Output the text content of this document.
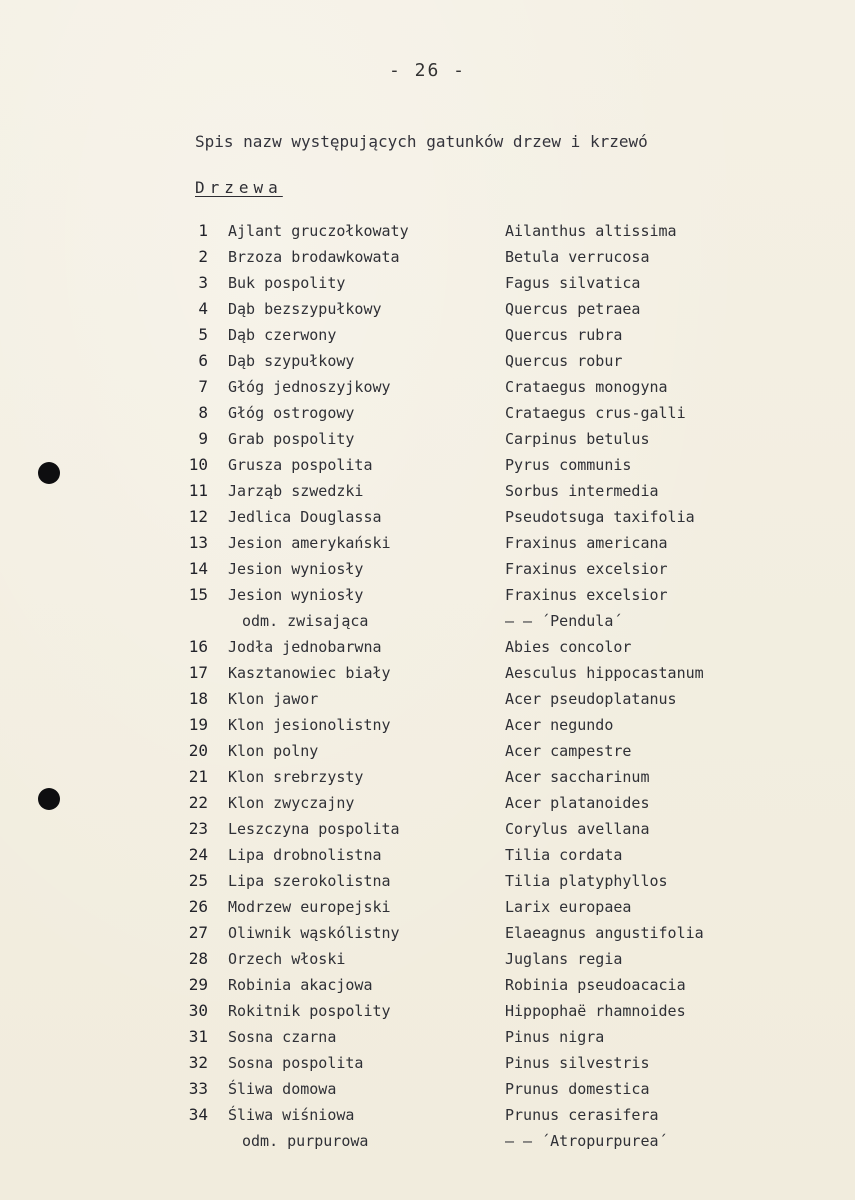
- 26 -
Spis nazw występujących gatunków drzew i krzewó
Drzewa
1 Ajlant gruczołkowaty	Ailanthus altissima
2 Brzoza brodawkowata	Betula verrucosa
3 Buk pospolity	Fagus silvatica
4 Dąb bezszypułkowy	Quercus petraea
5 Dąb czerwony	Quercus rubra
6 Dąb szypułkowy	Quercus robur
7 Głóg jednoszyjkowy	Crataegus monogyna
8 Głóg ostrogowy	Crataegus crus-galli
9 Grab pospolity	Carpinus betulus
10 Grusza pospolita	Pyrus communis
11 Jarząb szwedzki	Sorbus intermedia
12 Jedlica Douglassa	Pseudotsuga taxifolia
13 Jesion amerykański	Fraxinus americana
14 Jesion wyniosły	Fraxinus excelsior
15 Jesion wyniosły	Fraxinus excelsior
odm. zwisająca	— — ´Pendula´
16 Jodła jednobarwna	Abies concolor
17 Kasztanowiec biały	Aesculus hippocastanum
18 Klon jawor	Acer pseudoplatanus
19 Klon jesionolistny	Acer negundo
20 Klon polny	Acer campestre
21 Klon srebrzysty	Acer saccharinum
22 Klon zwyczajny	Acer platanoides
23 Leszczyna pospolita	Corylus avellana
24 Lipa drobnolistna	Tilia cordata
25 Lipa szerokolistna	Tilia platyphyllos
26 Modrzew europejski	Larix europaea
27 Oliwnik wąskólistny	Elaeagnus angustifolia
28 Orzech włoski	Juglans regia
29 Robinia akacjowa	Robinia pseudoacacia
30 Rokitnik pospolity	Hippophaë rhamnoides
31 Sosna czarna	Pinus nigra
32 Sosna pospolita	Pinus silvestris
33 Śliwa domowa	Prunus domestica
34 Śliwa wiśniowa	Prunus cerasifera
odm. purpurowa	— — ´Atropurpurea´
